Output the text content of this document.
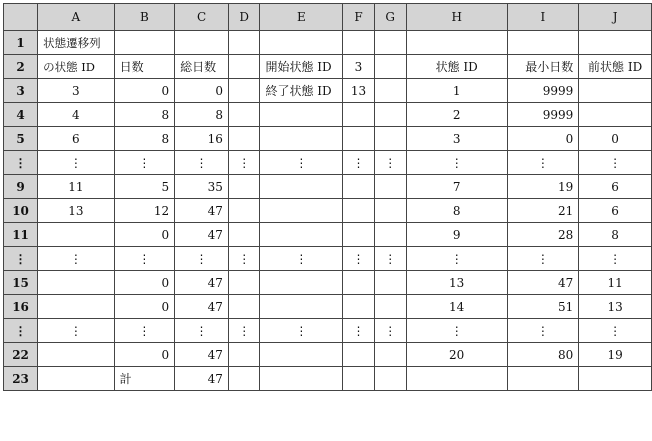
	A	B	C	D	E	F	G	H	I	J
1	状態遷移列									
2	の状態 ID	日数	総日数		開始状態 ID	3		状態 ID	最小日数	前状態 ID
3	3	0	0		終了状態 ID	13		1	9999	
4	4	8	8					2	9999	
5	6	8	16					3	0	0
⋮	⋮	⋮	⋮	⋮	⋮	⋮	⋮	⋮	⋮	⋮
9	11	5	35					7	19	6
10	13	12	47					8	21	6
11		0	47					9	28	8
⋮	⋮	⋮	⋮	⋮	⋮	⋮	⋮	⋮	⋮	⋮
15		0	47					13	47	11
16		0	47					14	51	13
⋮	⋮	⋮	⋮	⋮	⋮	⋮	⋮	⋮	⋮	⋮
22		0	47					20	80	19
23		計	47							
